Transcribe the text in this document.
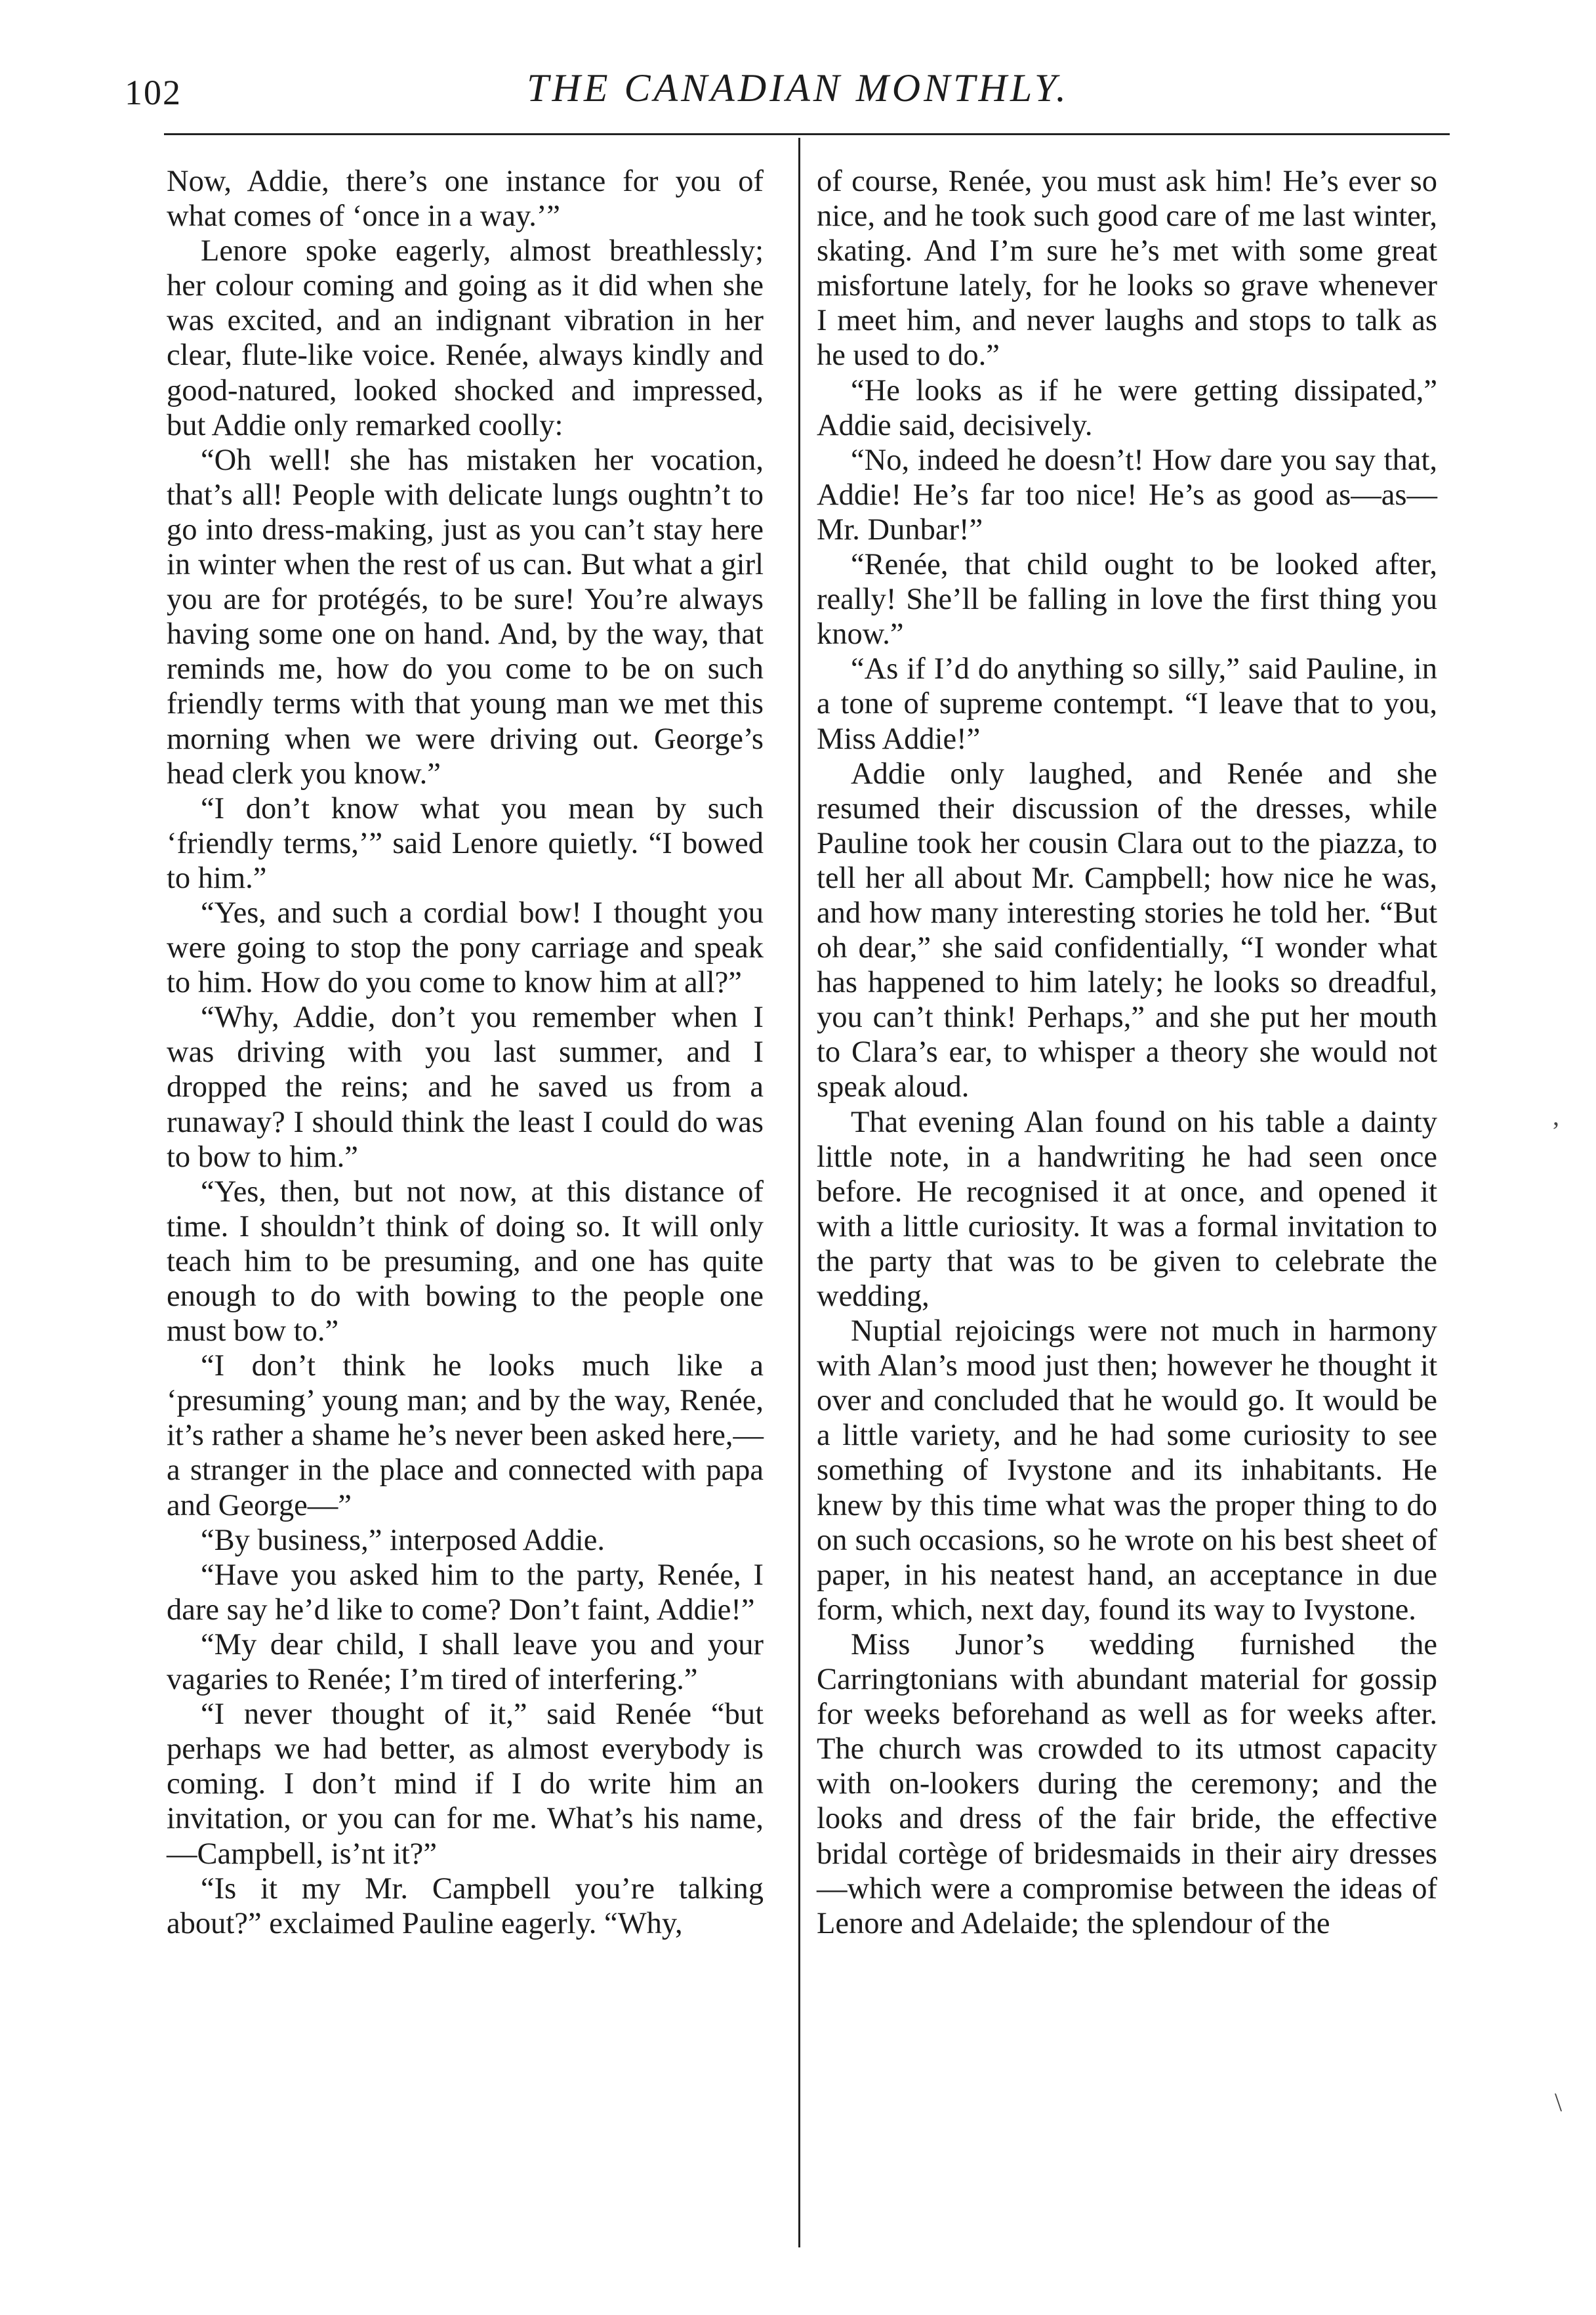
102	THE CANADIAN MONTHLY.

Now, Addie, there’s one instance for you of what comes of ‘once in a way.’”

Lenore spoke eagerly, almost breathlessly; her colour coming and going as it did when she was excited, and an indignant vibration in her clear, flute-like voice. Renée, always kindly and good-natured, looked shocked and impressed, but Addie only remarked coolly:

“Oh well! she has mistaken her vocation, that’s all! People with delicate lungs oughtn’t to go into dress-making, just as you can’t stay here in winter when the rest of us can. But what a girl you are for protégés, to be sure! You’re always having some one on hand. And, by the way, that reminds me, how do you come to be on such friendly terms with that young man we met this morning when we were driving out. George’s head clerk you know.”

“I don’t know what you mean by such ‘friendly terms,’” said Lenore quietly. “I bowed to him.”

“Yes, and such a cordial bow! I thought you were going to stop the pony carriage and speak to him. How do you come to know him at all?”

“Why, Addie, don’t you remember when I was driving with you last summer, and I dropped the reins; and he saved us from a runaway? I should think the least I could do was to bow to him.”

“Yes, then, but not now, at this distance of time. I shouldn’t think of doing so. It will only teach him to be presuming, and one has quite enough to do with bowing to the people one must bow to.”

“I don’t think he looks much like a ‘presuming’ young man; and by the way, Renée, it’s rather a shame he’s never been asked here,—a stranger in the place and connected with papa and George—”

“By business,” interposed Addie.

“Have you asked him to the party, Renée, I dare say he’d like to come? Don’t faint, Addie!”

“My dear child, I shall leave you and your vagaries to Renée; I’m tired of interfering.”

“I never thought of it,” said Renée “but perhaps we had better, as almost everybody is coming. I don’t mind if I do write him an invitation, or you can for me. What’s his name,—Campbell, is’nt it?”

“Is it my Mr. Campbell you’re talking about?” exclaimed Pauline eagerly. “Why,

of course, Renée, you must ask him! He’s ever so nice, and he took such good care of me last winter, skating. And I’m sure he’s met with some great misfortune lately, for he looks so grave whenever I meet him, and never laughs and stops to talk as he used to do.”

“He looks as if he were getting dissipated,” Addie said, decisively.

“No, indeed he doesn’t! How dare you say that, Addie! He’s far too nice! He’s as good as—as—Mr. Dunbar!”

“Renée, that child ought to be looked after, really! She’ll be falling in love the first thing you know.”

“As if I’d do anything so silly,” said Pauline, in a tone of supreme contempt. “I leave that to you, Miss Addie!”

Addie only laughed, and Renée and she resumed their discussion of the dresses, while Pauline took her cousin Clara out to the piazza, to tell her all about Mr. Campbell; how nice he was, and how many interesting stories he told her. “But oh dear,” she said confidentially, “I wonder what has happened to him lately; he looks so dreadful, you can’t think! Perhaps,” and she put her mouth to Clara’s ear, to whisper a theory she would not speak aloud.

That evening Alan found on his table a dainty little note, in a handwriting he had seen once before. He recognised it at once, and opened it with a little curiosity. It was a formal invitation to the party that was to be given to celebrate the wedding,

Nuptial rejoicings were not much in harmony with Alan’s mood just then; however he thought it over and concluded that he would go. It would be a little variety, and he had some curiosity to see something of Ivystone and its inhabitants. He knew by this time what was the proper thing to do on such occasions, so he wrote on his best sheet of paper, in his neatest hand, an acceptance in due form, which, next day, found its way to Ivystone.

Miss Junor’s wedding furnished the Carringtonians with abundant material for gossip for weeks beforehand as well as for weeks after. The church was crowded to its utmost capacity with on-lookers during the ceremony; and the looks and dress of the fair bride, the effective bridal cortège of bridesmaids in their airy dresses—which were a compromise between the ideas of Lenore and Adelaide; the splendour of the

’
\
